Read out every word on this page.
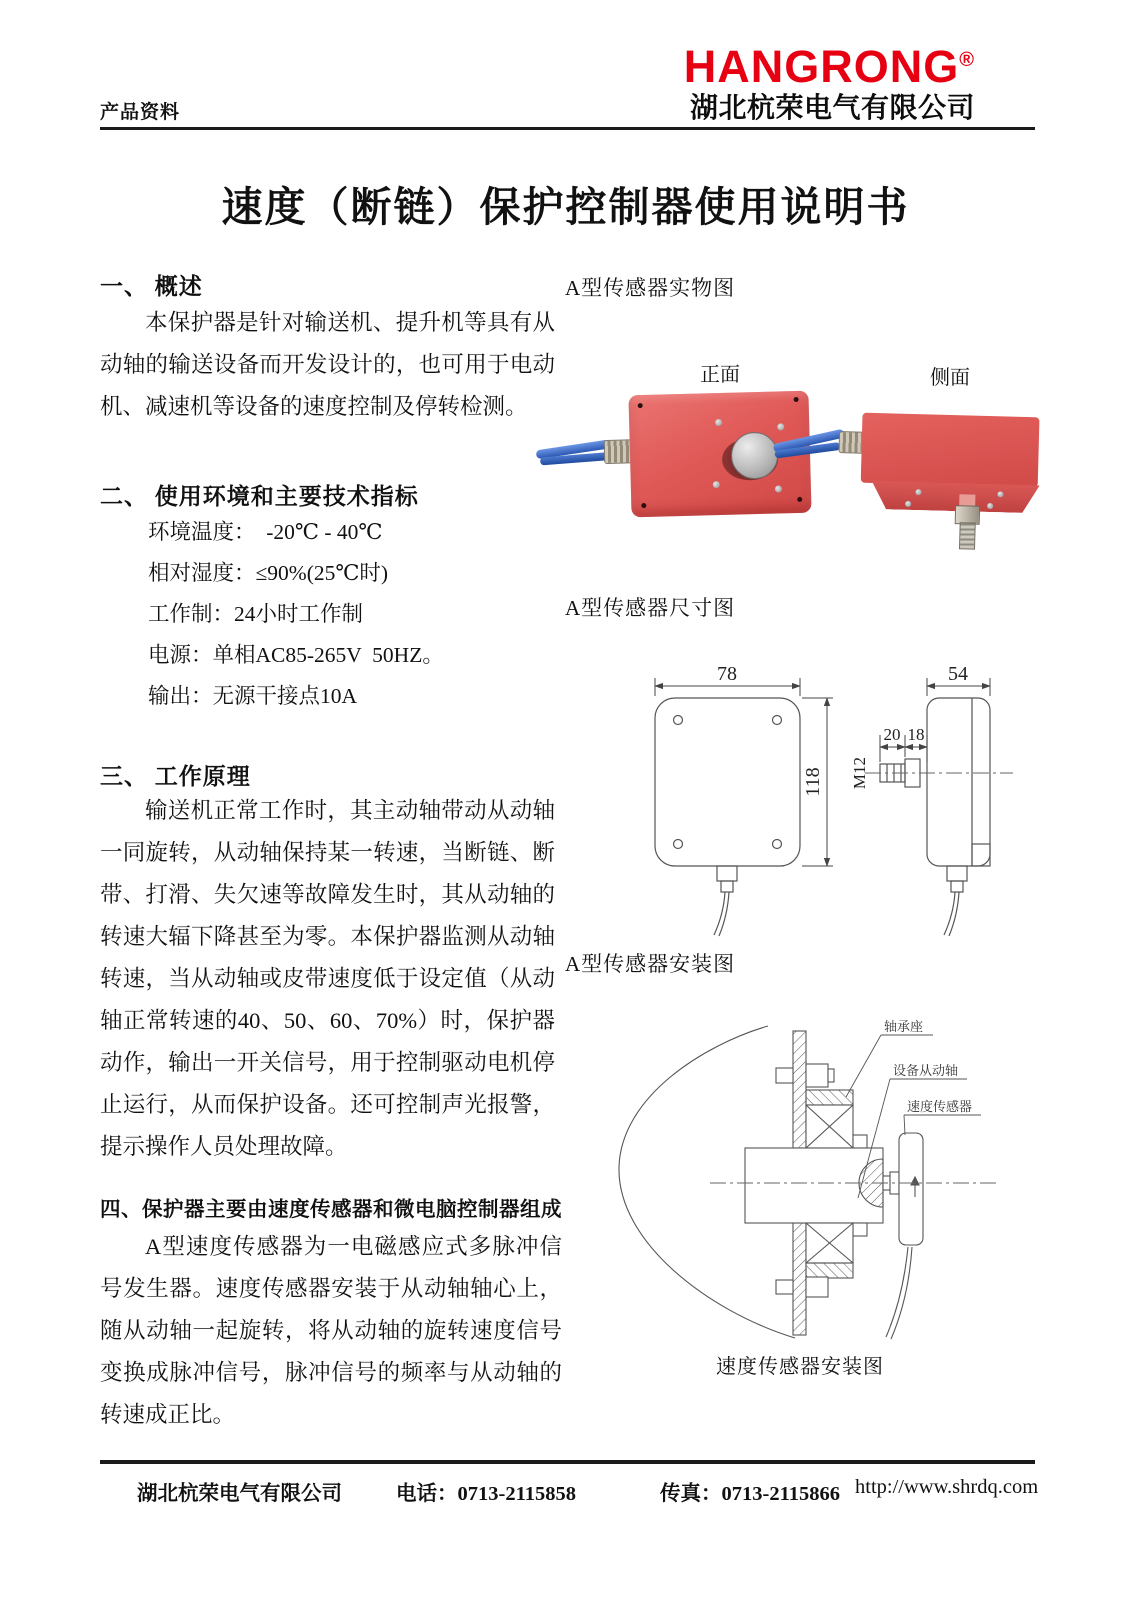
产品资料
HANGRONG®
湖北杭荣电气有限公司
速度（断链）保护控制器使用说明书
一、 概述
本保护器是针对输送机、提升机等具有从动轴的输送设备而开发设计的，也可用于电动机、减速机等设备的速度控制及停转检测。
二、 使用环境和主要技术指标
环境温度：  -20℃ - 40℃
相对湿度：≤90%(25℃时)
工作制：24小时工作制
电源：单相AC85-265V  50HZ。
输出：无源干接点10A
三、 工作原理
输送机正常工作时，其主动轴带动从动轴一同旋转，从动轴保持某一转速，当断链、断带、打滑、失欠速等故障发生时，其从动轴的转速大辐下降甚至为零。本保护器监测从动轴转速，当从动轴或皮带速度低于设定值（从动轴正常转速的40、50、60、70%）时，保护器动作，输出一开关信号，用于控制驱动电机停止运行，从而保护设备。还可控制声光报警，提示操作人员处理故障。
四、保护器主要由速度传感器和微电脑控制器组成
A型速度传感器为一电磁感应式多脉冲信号发生器。速度传感器安装于从动轴轴心上，随从动轴一起旋转，将从动轴的旋转速度信号变换成脉冲信号，脉冲信号的频率与从动轴的转速成正比。
A型传感器实物图
正面	侧面
A型传感器尺寸图
78	54
118
20 18
M12
A型传感器安装图
轴承座
设备从动轴
速度传感器
速度传感器安装图
湖北杭荣电气有限公司	电话：0713-2115858	传真：0713-2115866 http://www.shrdq.com
